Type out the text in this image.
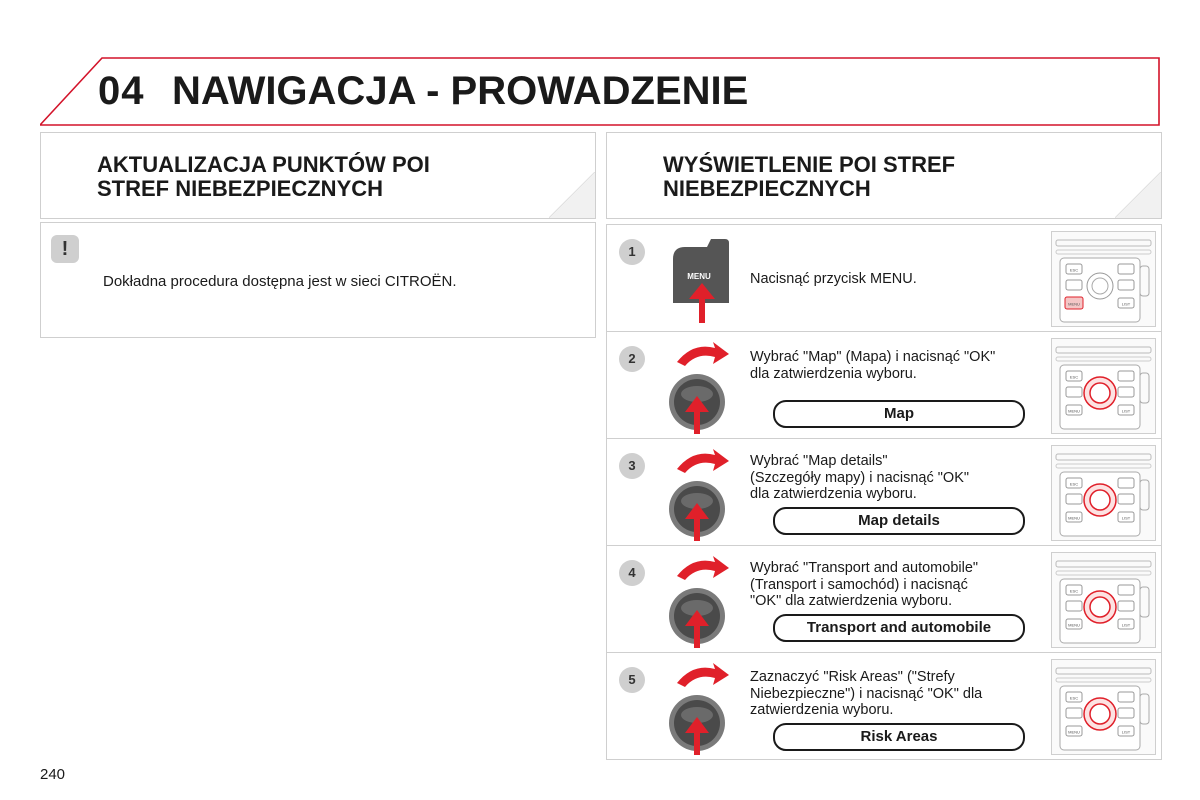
04 NAWIGACJA - PROWADZENIE
AKTUALIZACJA PUNKTÓW POI
STREF NIEBEZPIECZNYCH
!
Dokładna procedura dostępna jest w sieci CITROËN.
WYŚWIETLENIE POI STREF
NIEBEZPIECZNYCH
1
MENU	Nacisnąć przycisk MENU.
ESC
LIST
MENU
2	Wybrać "Map" (Mapa) i nacisnąć "OK"
dla zatwierdzenia wyboru.
Map
ESC
LIST
MENU
3	Wybrać "Map details"
(Szczegóły mapy) i nacisnąć "OK"
dla zatwierdzenia wyboru.
Map details
ESC
LIST
MENU
4	Wybrać "Transport and automobile"
(Transport i samochód) i nacisnąć
"OK" dla zatwierdzenia wyboru.
Transport and automobile
ESC
LIST
MENU
5	Zaznaczyć "Risk Areas" ("Strefy
Niebezpieczne") i nacisnąć "OK" dla
zatwierdzenia wyboru.
Risk Areas
ESC
LIST
MENU
240
